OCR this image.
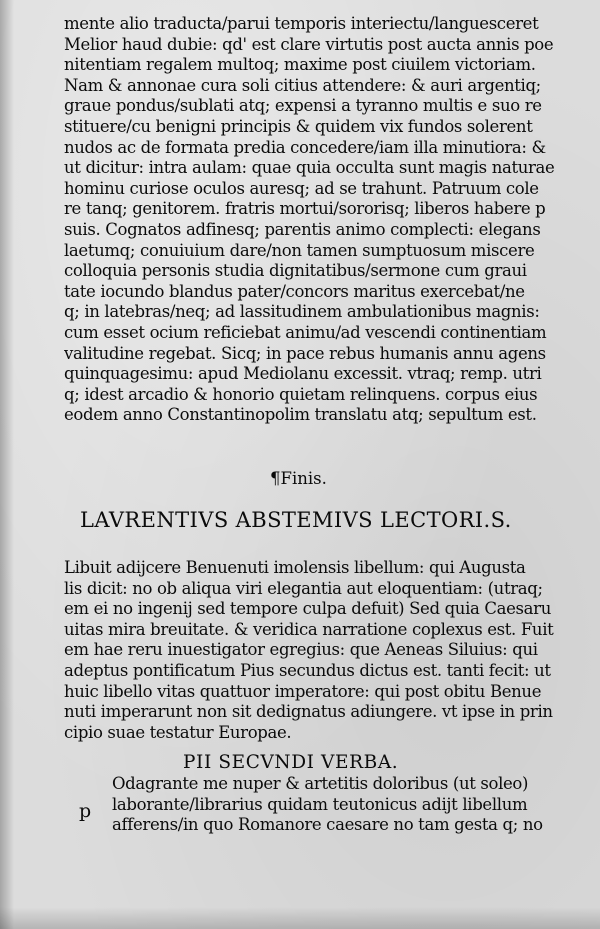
mente alio traducta/parui temporis interiectu/languesceret
Melior haud dubie: qd' est clare virtutis post aucta annis poe
nitentiam regalem multoq; maxime post ciuilem victoriam.
Nam & annonae cura soli citius attendere: & auri argentiq;
graue pondus/sublati atq; expensi a tyranno multis e suo re
stituere/cu benigni principis & quidem vix fundos solerent
nudos ac de formata predia concedere/iam illa minutiora: &
ut dicitur: intra aulam: quae quia occulta sunt magis naturae
hominu curiose oculos auresq; ad se trahunt. Patruum cole
re tanq; genitorem. fratris mortui/sororisq; liberos habere p
suis. Cognatos adfinesq; parentis animo complecti: elegans
laetumq; conuiuium dare/non tamen sumptuosum miscere
colloquia personis studia dignitatibus/sermone cum graui
tate iocundo blandus pater/concors maritus exercebat/ne
q; in latebras/neq; ad lassitudinem ambulationibus magnis:
cum esset ocium reficiebat animu/ad vescendi continentiam
valitudine regebat. Sicq; in pace rebus humanis annu agens
quinquagesimu: apud Mediolanu excessit. vtraq; remp. utri
q; idest arcadio & honorio quietam relinquens. corpus eius
eodem anno Constantinopolim translatu atq; sepultum est.
¶Finis.
LAVRENTIVS ABSTEMIVS LECTORI.S.
Libuit adijcere Benuenuti imolensis libellum: qui Augusta
lis dicit: no ob aliqua viri elegantia aut eloquentiam: (utraq;
em ei no ingenij sed tempore culpa defuit) Sed quia Caesaru
uitas mira breuitate. & veridica narratione coplexus est. Fuit
em hae reru inuestigator egregius: que Aeneas Siluius: qui
adeptus pontificatum Pius secundus dictus est. tanti fecit: ut
huic libello vitas quattuor imperatore: qui post obitu Benue
nuti imperarunt non sit dedignatus adiungere. vt ipse in prin
cipio suae testatur Europae.
PII SECVNDI VERBA.
p
Odagrante me nuper & artetitis doloribus (ut soleo)
laborante/librarius quidam teutonicus adijt libellum
afferens/in quo Romanore caesare no tam gesta q; no
